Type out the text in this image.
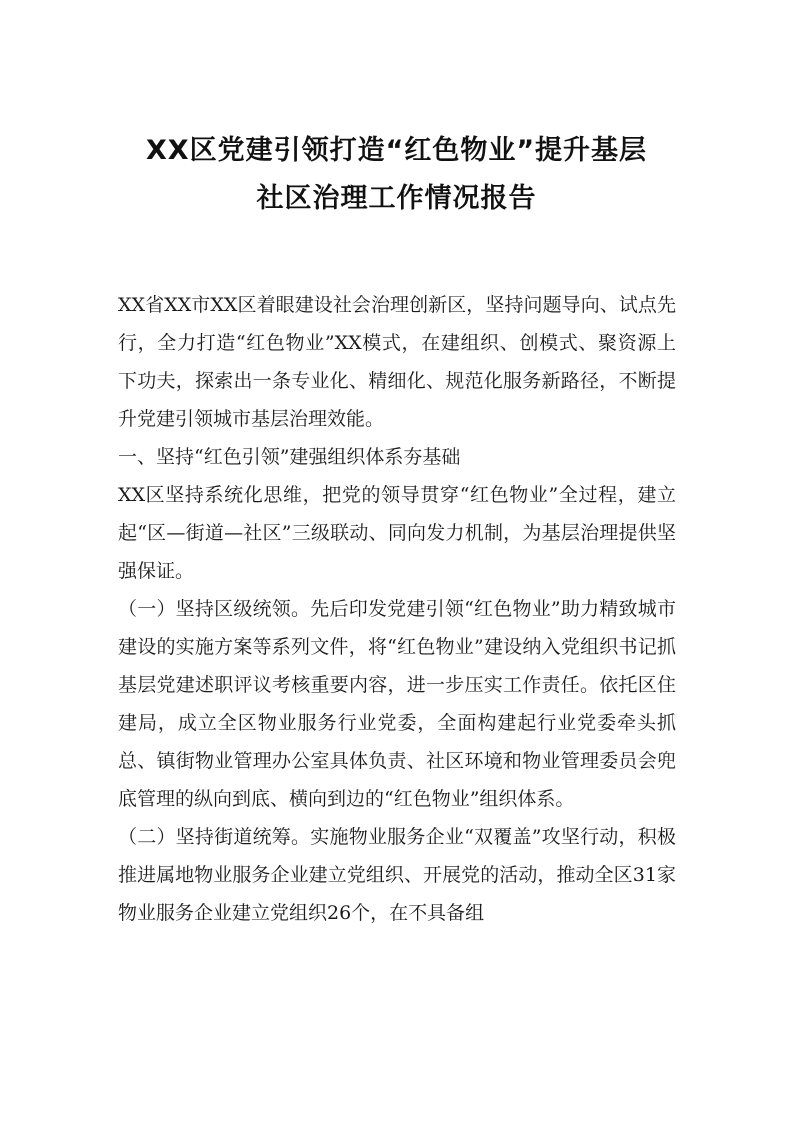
XX区党建引领打造“红色物业”提升基层
社区治理工作情况报告

XX省XX市XX区着眼建设社会治理创新区，坚持问题导向、试点先行，全力打造“红色物业”XX模式，在建组织、创模式、聚资源上下功夫，探索出一条专业化、精细化、规范化服务新路径，不断提升党建引领城市基层治理效能。

一、坚持“红色引领”建强组织体系夯基础

XX区坚持系统化思维，把党的领导贯穿“红色物业”全过程，建立起“区—街道—社区”三级联动、同向发力机制，为基层治理提供坚强保证。

（一）坚持区级统领。先后印发党建引领“红色物业”助力精致城市建设的实施方案等系列文件，将“红色物业”建设纳入党组织书记抓基层党建述职评议考核重要内容，进一步压实工作责任。依托区住建局，成立全区物业服务行业党委，全面构建起行业党委牵头抓总、镇街物业管理办公室具体负责、社区环境和物业管理委员会兜底管理的纵向到底、横向到边的“红色物业”组织体系。

（二）坚持街道统筹。实施物业服务企业“双覆盖”攻坚行动，积极推进属地物业服务企业建立党组织、开展党的活动，推动全区31家物业服务企业建立党组织26个，在不具备组
